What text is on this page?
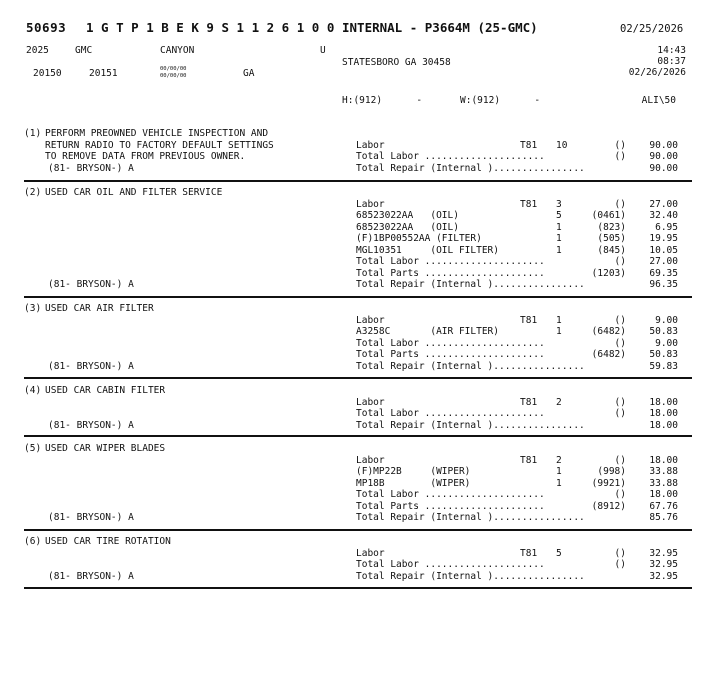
50693 1 G T P 1 B E K 9 S 1 1 2 6 1 0 0 INTERNAL - P3664M (25-GMC)	02/25/2026
2025	GMC	CANYON	U	14:43
08:37
02/26/2026
STATESBORO GA 30458
20150	20151	00/00/00
00/00/00	GA
H:(912)      -	W:(912)      -	ALI\50
(1) PERFORM PREOWNED VEHICLE INSPECTION AND
RETURN RADIO TO FACTORY DEFAULT SETTINGS
TO REMOVE DATA FROM PREVIOUS OWNER.
Labor	T81 10	()	90.00
Total Labor .....................	()	90.00
Total Repair (Internal )................	90.00
(81- BRYSON-) A
(2) USED CAR OIL AND FILTER SERVICE
Labor	T81 3	()	27.00
68523022AA   (OIL)	5	(0461)	32.40
68523022AA   (OIL)	1	(823)	6.95
(F)1BP00552AA (FILTER)	1	(505)	19.95
MGL10351     (OIL FILTER)	1	(845)	10.05
Total Labor .....................	()	27.00
Total Parts .....................	(1203)	69.35
Total Repair (Internal )................	96.35
(81- BRYSON-) A
(3) USED CAR AIR FILTER
Labor	T81 1	()	9.00
A3258C       (AIR FILTER)	1	(6482)	50.83
Total Labor .....................	()	9.00
Total Parts .....................	(6482)	50.83
Total Repair (Internal )................	59.83
(81- BRYSON-) A
(4) USED CAR CABIN FILTER
Labor	T81 2	()	18.00
Total Labor .....................	()	18.00
Total Repair (Internal )................	18.00
(81- BRYSON-) A
(5) USED CAR WIPER BLADES
Labor	T81 2	()	18.00
(F)MP22B     (WIPER)	1	(998)	33.88
MP18B        (WIPER)	1	(9921)	33.88
Total Labor .....................	()	18.00
Total Parts .....................	(8912)	67.76
Total Repair (Internal )................	85.76
(81- BRYSON-) A
(6) USED CAR TIRE ROTATION
Labor	T81 5	()	32.95
Total Labor .....................	()	32.95
Total Repair (Internal )................	32.95
(81- BRYSON-) A
